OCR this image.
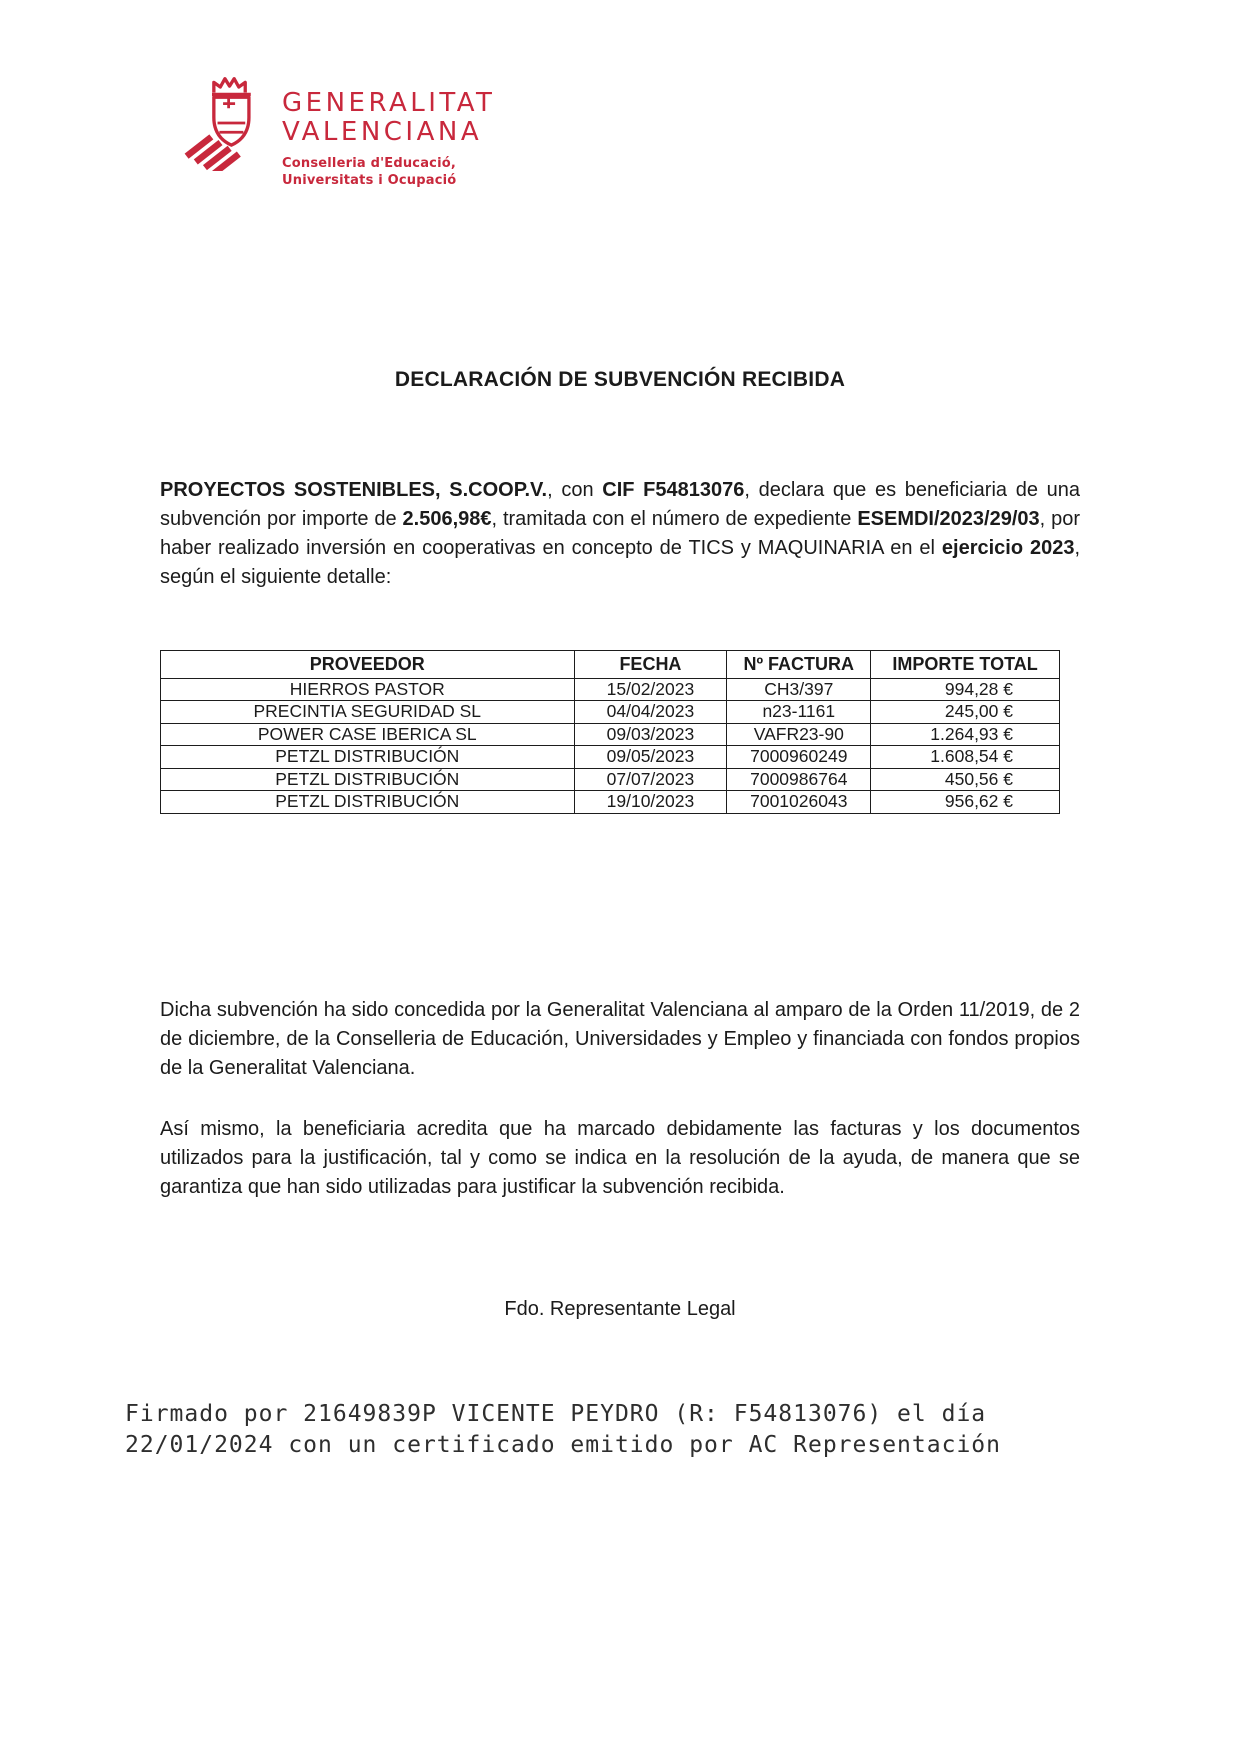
GENERALITAT
VALENCIANA
Conselleria d'Educació,
Universitats i Ocupació
DECLARACIÓN DE SUBVENCIÓN RECIBIDA

PROYECTOS SOSTENIBLES, S.COOP.V., con CIF F54813076, declara que es beneficiaria de una subvención por importe de 2.506,98€, tramitada con el número de expediente ESEMDI/2023/29/03, por haber realizado inversión en cooperativas en concepto de TICS y MAQUINARIA en el ejercicio 2023, según el siguiente detalle:

PROVEEDOR	FECHA	Nº FACTURA	IMPORTE TOTAL
HIERROS PASTOR	15/02/2023	CH3/397	994,28 €
PRECINTIA SEGURIDAD SL	04/04/2023	n23-1161	245,00 €
POWER CASE IBERICA SL	09/03/2023	VAFR23-90	1.264,93 €
PETZL DISTRIBUCIÓN	09/05/2023	7000960249	1.608,54 €
PETZL DISTRIBUCIÓN	07/07/2023	7000986764	450,56 €
PETZL DISTRIBUCIÓN	19/10/2023	7001026043	956,62 €

Dicha subvención ha sido concedida por la Generalitat Valenciana al amparo de la Orden 11/2019, de 2 de diciembre, de la Conselleria de Educación, Universidades y Empleo y financiada con fondos propios de la Generalitat Valenciana.

Así mismo, la beneficiaria acredita que ha marcado debidamente las facturas y los documentos utilizados para la justificación, tal y como se indica en la resolución de la ayuda, de manera que se garantiza que han sido utilizadas para justificar la subvención recibida.

Fdo. Representante Legal
Firmado por 21649839P VICENTE PEYDRO (R: F54813076) el día
22/01/2024 con un certificado emitido por AC Representación
